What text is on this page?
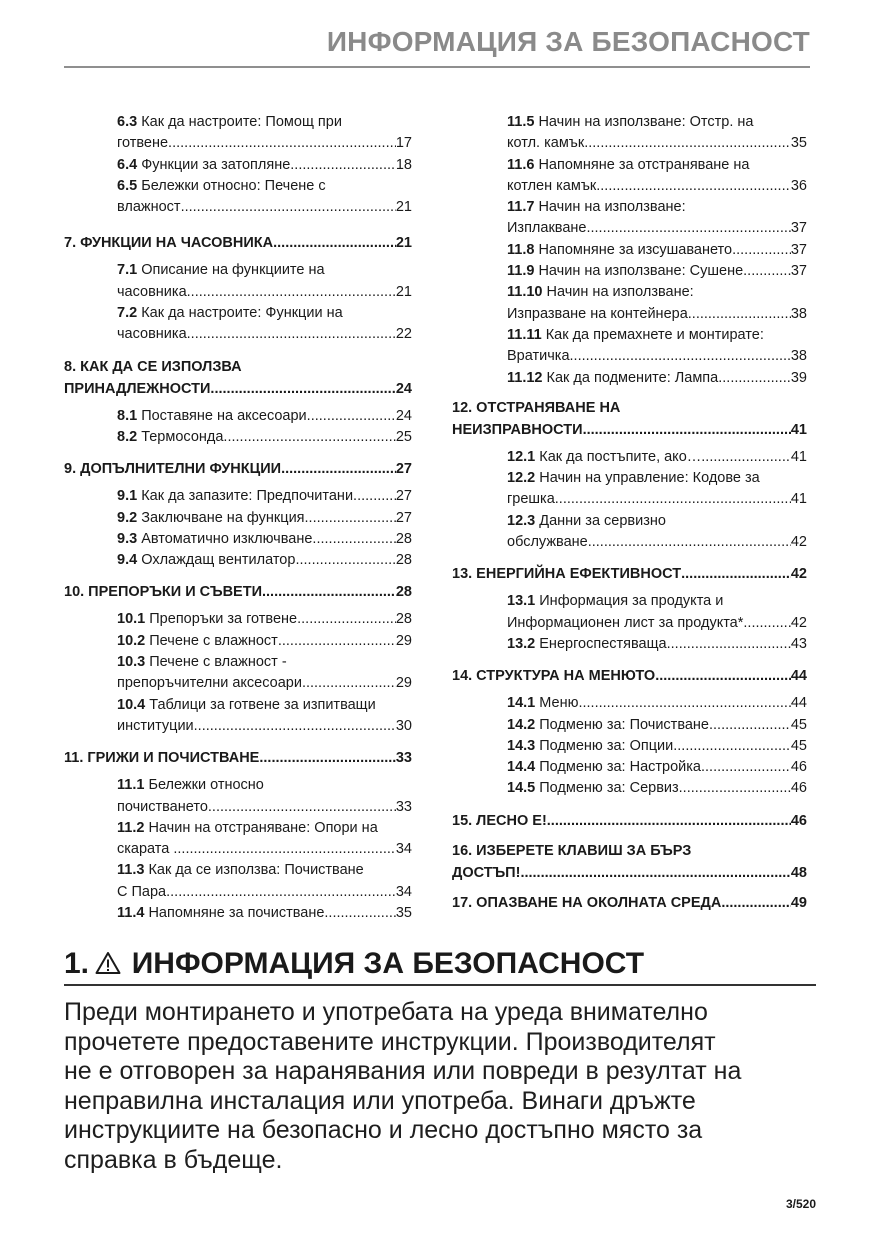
ИНФОРМАЦИЯ ЗА БЕЗОПАСНОСТ
6.3 Как да настроите: Помощ при
готвене .....	17
6.4 Функции за затопляне .....	18
6.5 Бележки относно: Печене с
влажност .....	21
7. ФУНКЦИИ НА ЧАСОВНИКА .....	21
7.1 Описание на функциите на
часовника .....	21
7.2 Как да настроите: Функции на
часовника .....	22
8. КАК ДА СЕ ИЗПОЛЗВА
ПРИНАДЛЕЖНОСТИ .....	24
8.1 Поставяне на аксесоари .....	24
8.2 Термосонда .....	25
9. ДОПЪЛНИТЕЛНИ ФУНКЦИИ .....	27
9.1 Как да запазите: Предпочитани .....	27
9.2 Заключване на функция .....	27
9.3 Автоматично изключване .....	28
9.4 Охлаждащ вентилатор .....	28
10. ПРЕПОРЪКИ И СЪВЕТИ .....	28
10.1 Препоръки за готвене .....	28
10.2 Печене с влажност .....	29
10.3 Печене с влажност -
препоръчителни аксесоари .....	29
10.4 Таблици за готвене за изпитващи
институции .....	30
11. ГРИЖИ И ПОЧИСТВАНЕ .....	33
11.1 Бележки относно
почистването .....	33
11.2 Начин на отстраняване: Опори на
скарата .....	34
11.3 Как да се използва: Почистване
С Пара .....	34
11.4 Напомняне за почистване .....	35
11.5 Начин на използване: Отстр. на
котл. камък .....	35
11.6 Напомняне за отстраняване на
котлен камък .....	36
11.7 Начин на използване:
Изплакване .....	37
11.8 Напомняне за изсушаването .....	37
11.9 Начин на използване: Сушене .....	37
11.10 Начин на използване:
Изпразване на контейнера .....	38
11.11 Как да премахнете и монтирате:
Вратичка .....	38
11.12 Как да подмените: Лампа .....	39
12. ОТСТРАНЯВАНЕ НА
НЕИЗПРАВНОСТИ .....	41
12.1 Как да постъпите, ако… .....	41
12.2 Начин на управление: Кодове за
грешка .....	41
12.3 Данни за сервизно
обслужване .....	42
13. ЕНЕРГИЙНА ЕФЕКТИВНОСТ .....	42
13.1 Информация за продукта и
Информационен лист за продукта* .....	42
13.2 Енергоспестяваща .....	43
14. СТРУКТУРА НА МЕНЮТО .....	44
14.1 Меню .....	44
14.2 Подменю за: Почистване .....	45
14.3 Подменю за: Опции .....	45
14.4 Подменю за: Настройка .....	46
14.5 Подменю за: Сервиз .....	46
15. ЛЕСНО Е! .....	46
16. ИЗБЕРЕТЕ КЛАВИШ ЗА БЪРЗ
ДОСТЪП! .....	48
17. ОПАЗВАНЕ НА ОКОЛНАТА СРЕДА .....	49
1. ИНФОРМАЦИЯ ЗА БЕЗОПАСНОСТ
Преди монтирането и употребата на уреда внимателно
прочетете предоставените инструкции. Производителят
не е отговорен за наранявания или повреди в резултат на
неправилна инсталация или употреба. Винаги дръжте
инструкциите на безопасно и лесно достъпно място за
справка в бъдеще.
3/520
